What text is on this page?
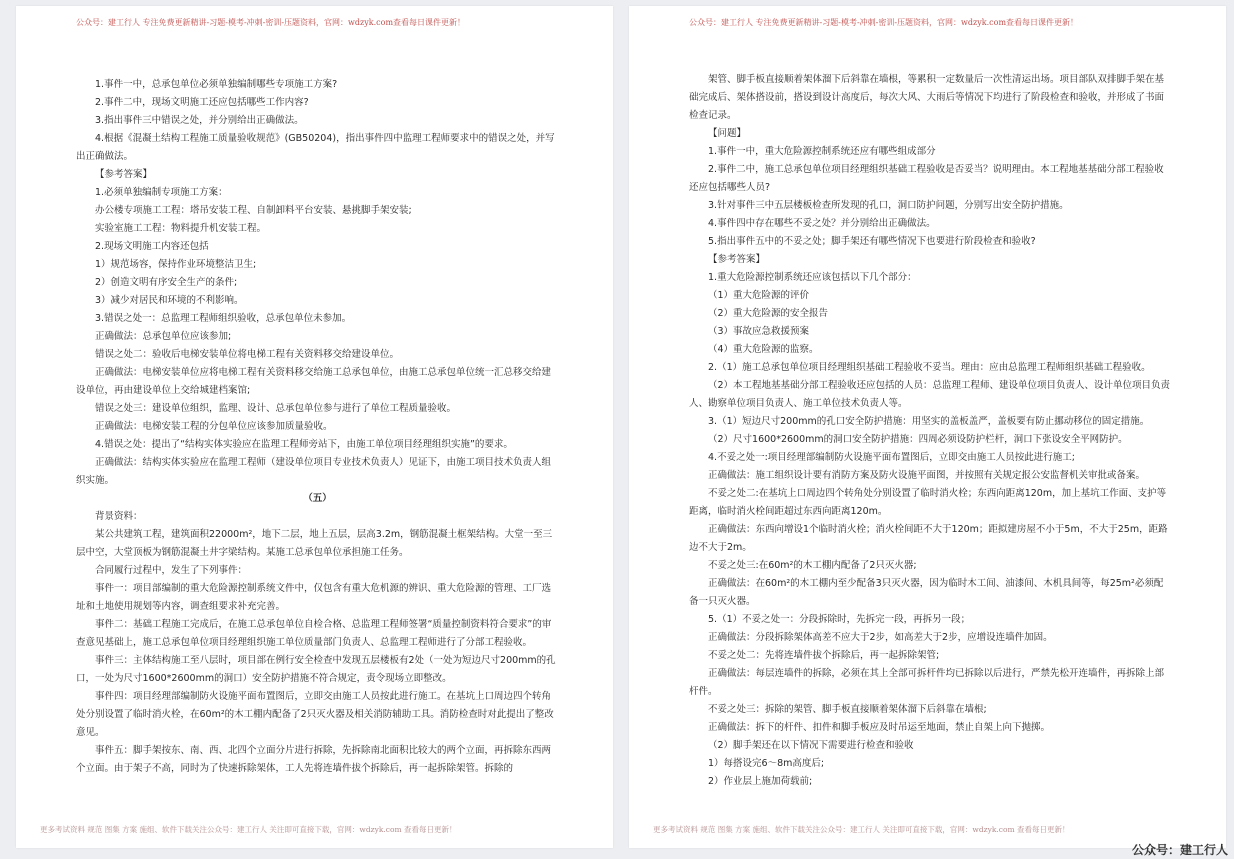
公众号：建工行人 专注免费更新精讲-习题-模考-冲刺-密训-压题资料，官网：wdzyk.com查看每日课件更新！

1.事件一中，总承包单位必须单独编制哪些专项施工方案?

2.事件二中，现场文明施工还应包括哪些工作内容?

3.指出事件三中错误之处，并分别给出正确做法。

4.根据《混凝土结构工程施工质量验收规范》(GB50204)，指出事件四中监理工程师要求中的错误之处，并写出正确做法。

【参考答案】

1.必须单独编制专项施工方案：

办公楼专项施工工程：塔吊安装工程、自制卸料平台安装、悬挑脚手架安装;

实验室施工工程：物料提升机安装工程。

2.现场文明施工内容还包括

1）规范场容，保持作业环境整洁卫生;

2）创造文明有序安全生产的条件;

3）减少对居民和环境的不利影响。

3.错误之处一：总监理工程师组织验收，总承包单位未参加。

正确做法：总承包单位应该参加;

错误之处二：验收后电梯安装单位将电梯工程有关资料移交给建设单位。

正确做法：电梯安装单位应将电梯工程有关资料移交给施工总承包单位，由施工总承包单位统一汇总移交给建设单位，再由建设单位上交给城建档案馆;

错误之处三：建设单位组织，监理、设计、总承包单位参与进行了单位工程质量验收。

正确做法：电梯安装工程的分包单位应该参加质量验收。

4.错误之处：提出了“结构实体实验应在监理工程师旁站下，由施工单位项目经理组织实施”的要求。

正确做法：结构实体实验应在监理工程师（建设单位项目专业技术负责人）见证下，由施工项目技术负责人组织实施。

（五）

背景资料：

某公共建筑工程，建筑面积22000m²，地下二层，地上五层，层高3.2m，钢筋混凝土框架结构。大堂一至三层中空，大堂顶板为钢筋混凝土井字梁结构。某施工总承包单位承担施工任务。

合同履行过程中，发生了下列事件：

事件一：项目部编制的重大危险源控制系统文件中，仅包含有重大危机源的辨识、重大危险源的管理、工厂选址和土地使用规划等内容，调查组要求补充完善。

事件二：基础工程施工完成后，在施工总承包单位自检合格、总监理工程师签署“质量控制资料符合要求”的审查意见基础上，施工总承包单位项目经理组织施工单位质量部门负责人、总监理工程师进行了分部工程验收。

事件三：主体结构施工至八层时，项目部在例行安全检查中发现五层楼板有2处（一处为短边尺寸200mm的孔口，一处为尺寸1600*2600mm的洞口）安全防护措施不符合规定，责令现场立即整改。

事件四：项目经理部编制防火设施平面布置图后，立即交由施工人员按此进行施工。在基坑上口周边四个转角处分别设置了临时消火栓，在60m²的木工棚内配备了2只灭火器及相关消防辅助工具。消防检查时对此提出了整改意见。

事件五：脚手架按东、南、西、北四个立面分片进行拆除，先拆除南北面积比较大的两个立面，再拆除东西两个立面。由于架子不高，同时为了快速拆除架体，工人先将连墙件拔个拆除后，再一起拆除架管。拆除的

更多考试资料 规范 图集 方案 施组、软件下载关注公众号：建工行人 关注即可直接下载，官网：wdzyk.com 查看每日更新！
公众号：建工行人 专注免费更新精讲-习题-模考-冲刺-密训-压题资料，官网：wdzyk.com查看每日课件更新！

架管、脚手板直接顺着架体溜下后斜靠在墙根，等累积一定数量后一次性清运出场。项目部队双排脚手架在基础完成后、架体搭设前，搭设到设计高度后，每次大风、大雨后等情况下均进行了阶段检查和验收，并形成了书面检查记录。

【问题】

1.事件一中，重大危险源控制系统还应有哪些组成部分

2.事件二中，施工总承包单位项目经理组织基础工程验收是否妥当？说明理由。本工程地基基础分部工程验收还应包括哪些人员?

3.针对事件三中五层楼板检查所发现的孔口，洞口防护问题，分别写出安全防护措施。

4.事件四中存在哪些不妥之处？并分别给出正确做法。

5.指出事件五中的不妥之处；脚手架还有哪些情况下也要进行阶段检查和验收?

【参考答案】

1.重大危险源控制系统还应该包括以下几个部分：

（1）重大危险源的评价

（2）重大危险源的安全报告

（3）事故应急救援预案

（4）重大危险源的监察。

2.（1）施工总承包单位项目经理组织基础工程验收不妥当。理由：应由总监理工程师组织基础工程验收。

（2）本工程地基基础分部工程验收还应包括的人员：总监理工程师、建设单位项目负责人、设计单位项目负责人、勘察单位项目负责人、施工单位技术负责人等。

3.（1）短边尺寸200mm的孔口安全防护措施：用坚实的盖板盖严，盖板要有防止挪动移位的固定措施。

（2）尺寸1600*2600mm的洞口安全防护措施：四周必须设防护栏杆，洞口下张设安全平网防护。

4.不妥之处一:项目经理部编制防火设施平面布置图后，立即交由施工人员按此进行施工;

正确做法：施工组织设计要有消防方案及防火设施平面图，并按照有关规定报公安监督机关审批或备案。

不妥之处二:在基坑上口周边四个转角处分别设置了临时消火栓；东西向距离120m，加上基坑工作面、支护等距离，临时消火栓间距超过东西向距离120m。

正确做法：东西向增设1个临时消火栓；消火栓间距不大于120m；距拟建房屋不小于5m，不大于25m，距路边不大于2m。

不妥之处三:在60m²的木工棚内配备了2只灭火器;

正确做法：在60m²的木工棚内至少配备3只灭火器，因为临时木工间、油漆间、木机具间等，每25m²必须配备一只灭火器。

5.（1）不妥之处一：分段拆除时，先拆完一段，再拆另一段；

正确做法：分段拆除架体高差不应大于2步，如高差大于2步，应增设连墙件加固。

不妥之处二：先将连墙件拔个拆除后，再一起拆除架管;

正确做法：每层连墙件的拆除，必须在其上全部可拆杆件均已拆除以后进行，严禁先松开连墙件，再拆除上部杆件。

不妥之处三：拆除的架管、脚手板直接顺着架体溜下后斜靠在墙根;

正确做法：拆下的杆件、扣件和脚手板应及时吊运至地面，禁止自架上向下抛掷。

（2）脚手架还在以下情况下需要进行检查和验收

1）每搭设完6～8m高度后;

2）作业层上施加荷载前;

更多考试资料 规范 图集 方案 施组、软件下载关注公众号：建工行人 关注即可直接下载，官网：wdzyk.com 查看每日更新！
公众号：建工行人
